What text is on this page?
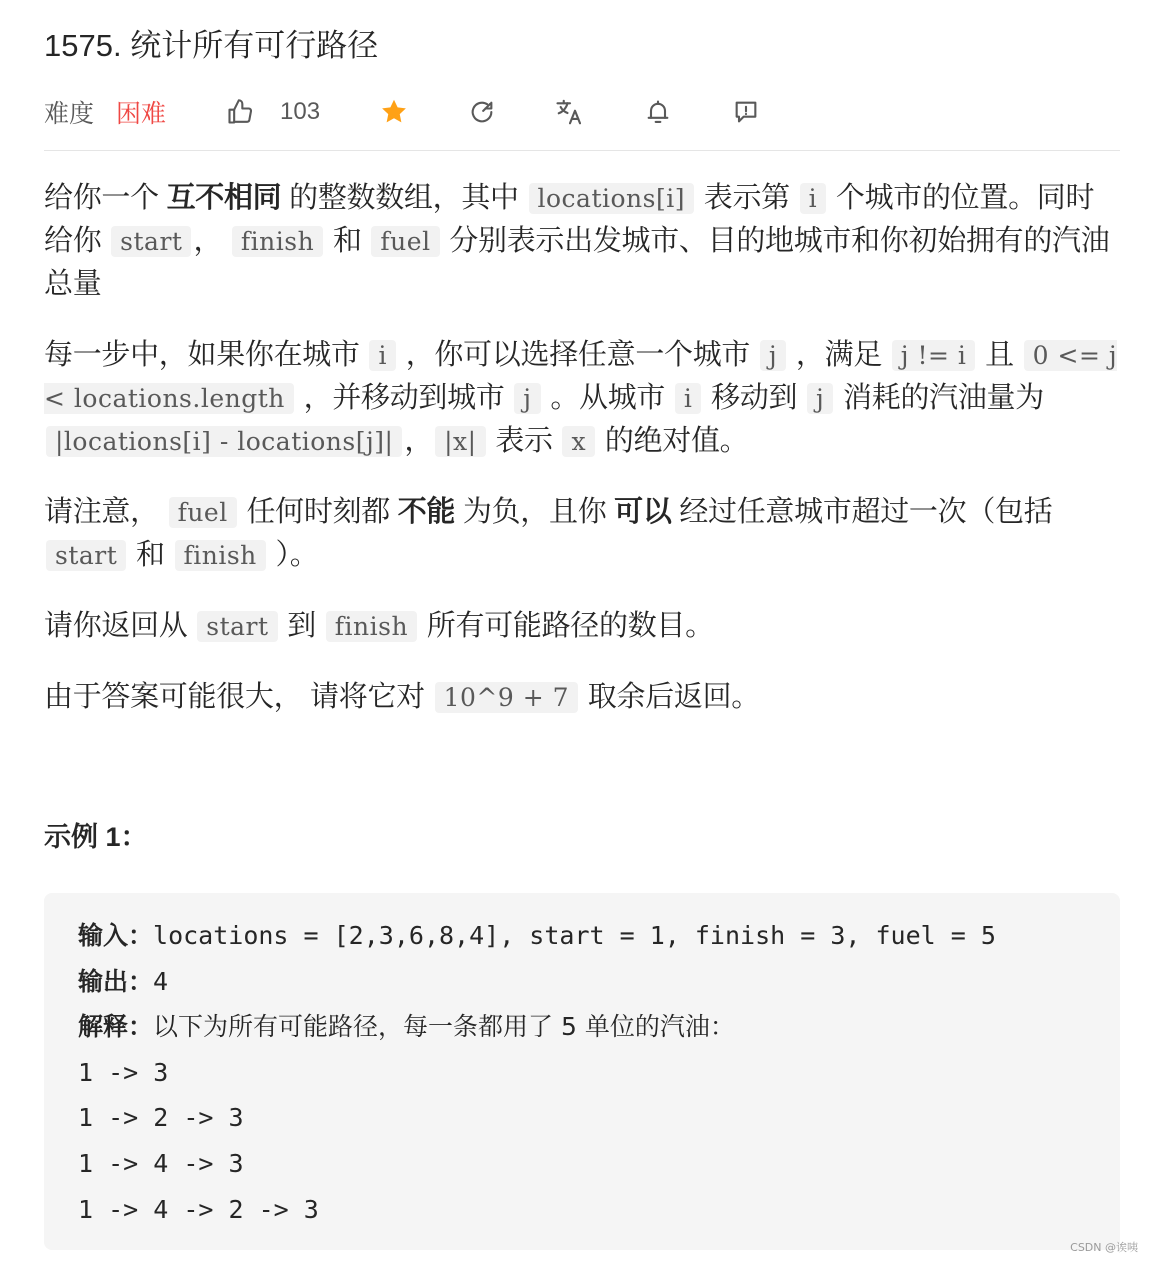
1575. 统计所有可行路径
难度 困难	103

给你一个 互不相同 的整数数组，其中 locations[i] 表示第 i 个城市的位置。同时给你 start ， finish 和 fuel 分别表示出发城市、目的地城市和你初始拥有的汽油总量

每一步中，如果你在城市 i ，你可以选择任意一个城市 j ，满足 j != i 且 0 <= j < locations.length ，并移动到城市 j 。从城市 i 移动到 j 消耗的汽油量为 |locations[i] - locations[j]| ， |x| 表示 x 的绝对值。

请注意， fuel 任何时刻都 不能 为负，且你 可以 经过任意城市超过一次（包括 start 和 finish ）。

请你返回从 start 到 finish 所有可能路径的数目。

由于答案可能很大， 请将它对 10^9 + 7 取余后返回。

示例 1：
输入：locations = [2,3,6,8,4], start = 1, finish = 3, fuel = 5
输出：4
解释：以下为所有可能路径，每一条都用了 5 单位的汽油：
1 -> 3
1 -> 2 -> 3
1 -> 4 -> 3
1 -> 4 -> 2 -> 3
CSDN @诶咦
